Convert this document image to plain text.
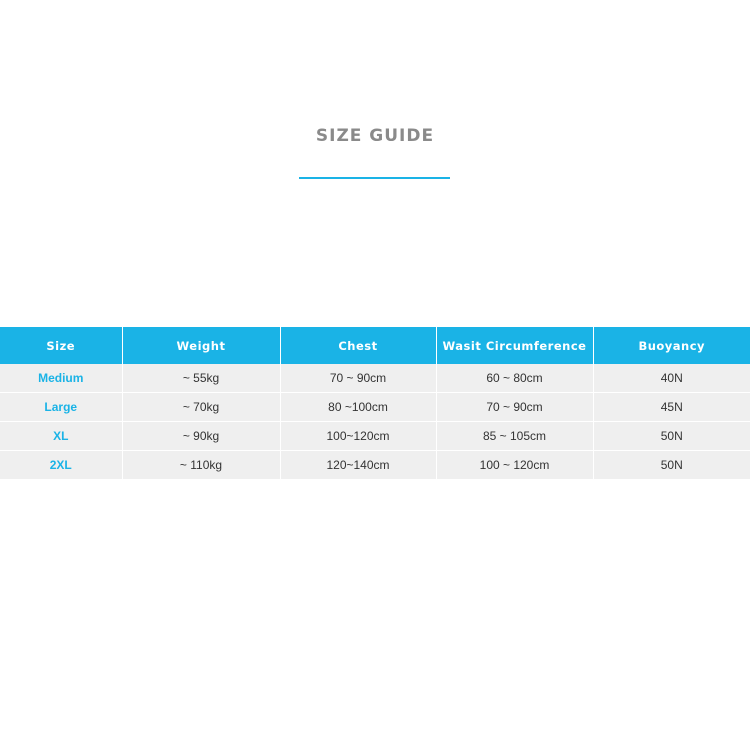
SIZE GUIDE
Size	Weight	Chest	Wasit Circumference	Buoyancy
Medium	~ 55kg	70 ~ 90cm	60 ~ 80cm	40N
Large	~ 70kg	80 ~100cm	70 ~ 90cm	45N
XL	~ 90kg	100~120cm	85 ~ 105cm	50N
2XL	~ 110kg	120~140cm	100 ~ 120cm	50N
